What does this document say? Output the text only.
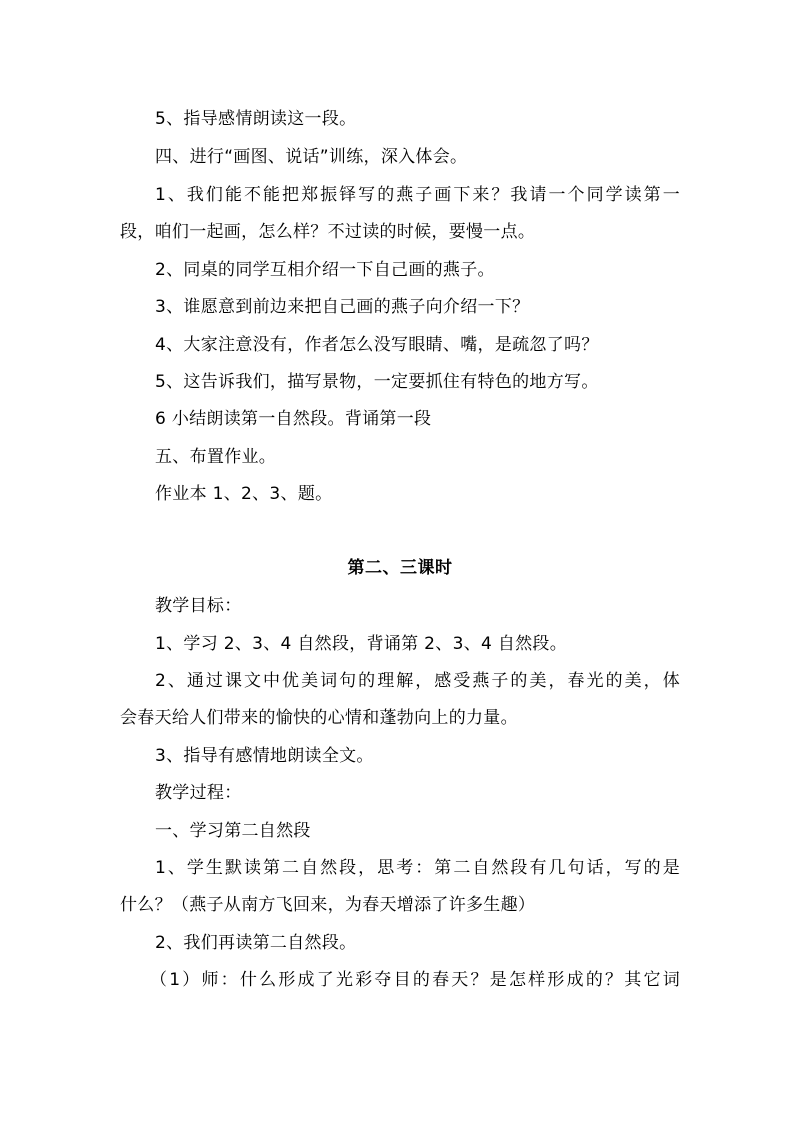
5、指导感情朗读这一段。
四、进行“画图、说话”训练，深入体会。
1、我们能不能把郑振铎写的燕子画下来？我请一个同学读第一
段，咱们一起画，怎么样？不过读的时候，要慢一点。
2、同桌的同学互相介绍一下自己画的燕子。
3、谁愿意到前边来把自己画的燕子向介绍一下？
4、大家注意没有，作者怎么没写眼睛、嘴，是疏忽了吗？
5、这告诉我们，描写景物，一定要抓住有特色的地方写。
6 小结朗读第一自然段。背诵第一段
五、布置作业。
作业本 1、2、3、题。
第二、三课时
教学目标：
1、学习 2、3、4 自然段，背诵第 2、3、4 自然段。
2、通过课文中优美词句的理解，感受燕子的美，春光的美，体
会春天给人们带来的愉快的心情和蓬勃向上的力量。
3、指导有感情地朗读全文。
教学过程：
一、学习第二自然段
1、学生默读第二自然段，思考：第二自然段有几句话，写的是
什么？（燕子从南方飞回来，为春天增添了许多生趣）
2、我们再读第二自然段。
（1）师：什么形成了光彩夺目的春天？是怎样形成的？其它词
